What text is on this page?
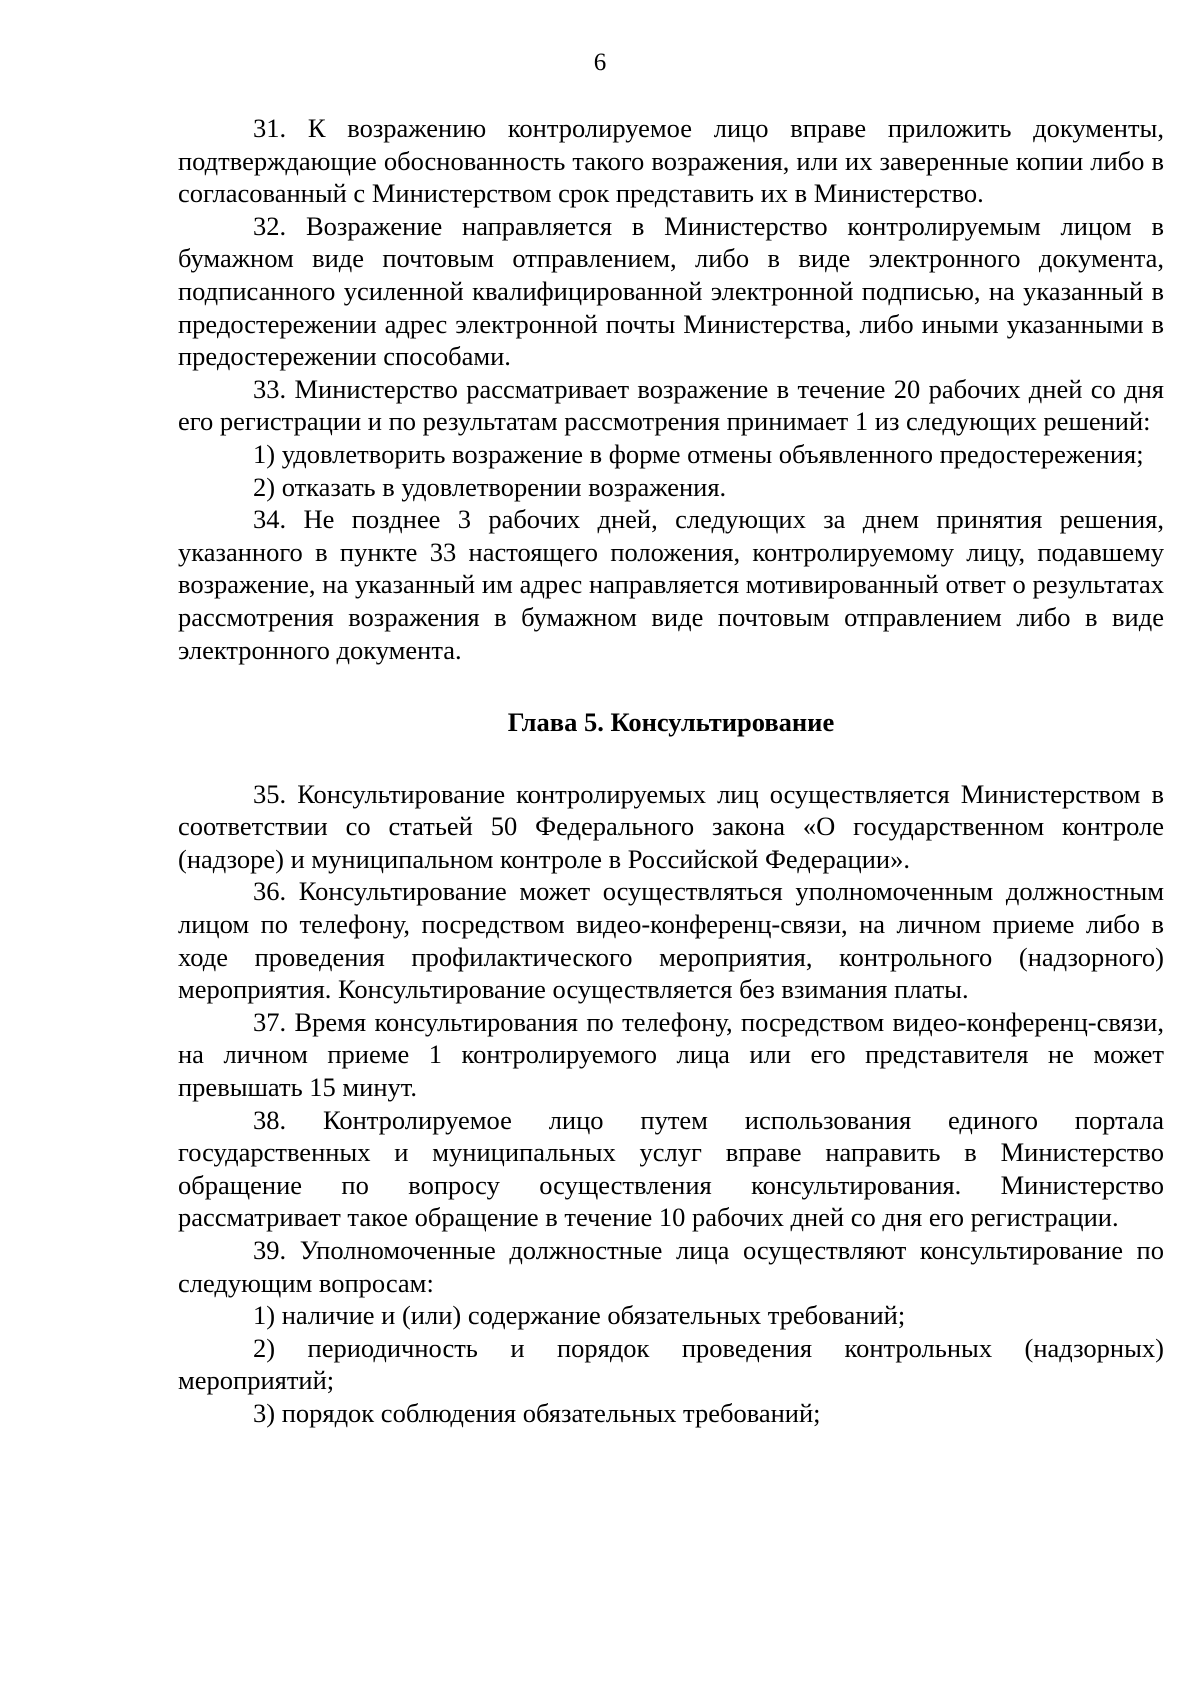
6

31. К возражению контролируемое лицо вправе приложить документы, подтверждающие обоснованность такого возражения, или их заверенные копии либо в согласованный с Министерством срок представить их в Министерство.

32. Возражение направляется в Министерство контролируемым лицом в бумажном виде почтовым отправлением, либо в виде электронного документа, подписанного усиленной квалифицированной электронной подписью, на указанный в предостережении адрес электронной почты Министерства, либо иными указанными в предостережении способами.

33. Министерство рассматривает возражение в течение 20 рабочих дней со дня его регистрации и по результатам рассмотрения принимает 1 из следующих решений:

1) удовлетворить возражение в форме отмены объявленного предостережения;

2) отказать в удовлетворении возражения.

34. Не позднее 3 рабочих дней, следующих за днем принятия решения, указанного в пункте 33 настоящего положения, контролируемому лицу, подавшему возражение, на указанный им адрес направляется мотивированный ответ о результатах рассмотрения возражения в бумажном виде почтовым отправлением либо в виде электронного документа.

Глава 5. Консультирование

35. Консультирование контролируемых лиц осуществляется Министерством в соответствии со статьей 50 Федерального закона «О государственном контроле (надзоре) и муниципальном контроле в Российской Федерации».

36. Консультирование может осуществляться уполномоченным должностным лицом по телефону, посредством видео-конференц-связи, на личном приеме либо в ходе проведения профилактического мероприятия, контрольного (надзорного) мероприятия. Консультирование осуществляется без взимания платы.

37. Время консультирования по телефону, посредством видео-конференц-связи, на личном приеме 1 контролируемого лица или его представителя не может превышать 15 минут.

38. Контролируемое лицо путем использования единого портала государственных и муниципальных услуг вправе направить в Министерство обращение по вопросу осуществления консультирования. Министерство рассматривает такое обращение в течение 10 рабочих дней со дня его регистрации.

39. Уполномоченные должностные лица осуществляют консультирование по следующим вопросам:

1) наличие и (или) содержание обязательных требований;

2) периодичность и порядок проведения контрольных (надзорных) мероприятий;

3) порядок соблюдения обязательных требований;
